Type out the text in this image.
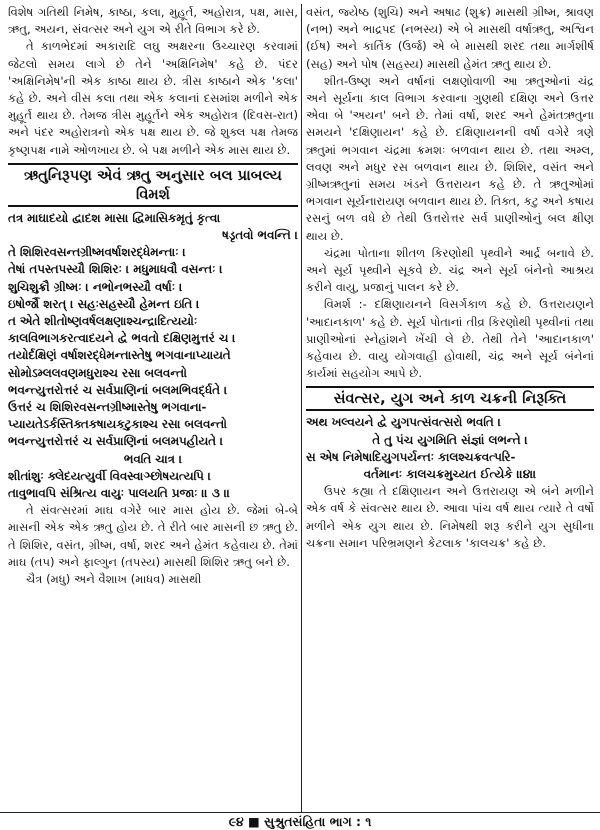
વિશેષ ગતિથી નિમેષ, કાષ્ઠા, કલા, મુહૂર્ત, અહોરાત્ર, પક્ષ, માસ, ઋતુ, અયન, સંવત્સર અને યુગ એ રીતે વિભાગ કરે છે.

તે કાળભેદમાં અકારાદિ લઘુ અક્ષરના ઉચ્ચારણ કરવામાં જેટલો સમય લાગે છે તેને 'અક્ષિનિમેષ' કહે છે. પંદર 'અક્ષિનિમેષ'ની એક કાષ્ઠા થાય છે. ત્રીસ કાષ્ઠાને એક 'કલા' કહે છે. અને વીસ કલા તથા એક કલાનાં દસમાંશ મળીને એક મુહૂર્ત થાય છે. તેમજ ત્રીસ મુહૂર્તને એક અહોરાત્ર (દિવસ-રાત) અને પંદર અહોરાત્રનો એક પક્ષ થાય છે. જે શુક્લ પક્ષ તેમજ કૃષ્ણપક્ષ નામે ઓળખાય છે. બે પક્ષ મળીને એક માસ થાય છે.

ઋતુનિરૂપણ એવં ઋતુ અનુસાર બલ પ્રાબલ્ય વિમર્શ
તત્ર માઘાદયો દ્વાદશ માસા દ્વિમાસિકમૃતું કૃત્વા
ષડૃતવો ભવન્તિ ।
તે શિશિરવસન્તગ્રીષ્મવર્ષાશરદ્ધેમન્તાઃ ।
તેષાં તપસ્તપસ્યૌ શિશિરઃ । મધુમાધવૌ વસન્તઃ ।
શુચિશુક્રૌ ગ્રીષ્મઃ । નભોનભસ્યૌ વર્ષાઃ ।
ઇષોર્જૌ શરત્ । સહઃસહસ્યૌ હેમન્ત ઇતિ ।
ત એતે શીતોષ્ણવર્ષલક્ષણાશ્ચન્દ્રાદિત્યયોઃ
કાલવિભાગકરત્વાદયને દ્વે ભવતો દક્ષિણમુત્તરં ચ ।
તયોર્દક્ષિણં વર્ષાશરદ્ધેમન્તાસ્તેષુ ભગવાનાપ્યાયતે
સોમોઽમ્લલવણમધુરાશ્ચ રસા બલવન્તો
ભવન્ત્યુત્તરોત્તરં ચ સર્વપ્રાણિનાં બલમભિવર્દ્ધતે ।
ઉત્તરં ચ શિશિરવસન્તગ્રીષ્માસ્તેષુ ભગવાના-
પ્યાયતેઽર્કસ્તિક્તકષાયકટુકાશ્ચ રસા બલવન્તો
ભવન્ત્યુત્તરોત્તરં ચ સર્વપ્રાણિનાં બલમપહીયતે ।
ભવતિ ચાત્ર ।
શીતાંશુઃ ક્લેદયત્યુર્વી વિવસ્વાઞ્છોષયત્યપિ ।
તાવુભાવપિ સંશ્રિત્ય વાયુઃ પાલયતિ પ્રજાઃ ॥ ૩ ॥

તે સંવત્સરમાં માઘ વગેરે બાર માસ હોય છે. જેમાં બે-બે માસની એક એક ઋતુ હોય છે. તે રીતે બાર માસની છ ઋતુ છે. તે શિશિર, વસંત, ગ્રીષ્મ, વર્ષા, શરદ અને હેમંત કહેવાય છે. તેમાં માઘ (તપ) અને ફાલ્ગુન (તપસ્ય) માસથી શિશિર ઋતુ બને છે.

ચૈત્ર (મધુ) અને વૈશાખ (માધવ) માસથી

વસંત, જ્યેષ્ઠ (શુચિ) અને અષાઢ (શુક્ર) માસથી ગ્રીષ્મ, શ્રાવણ (નભ) અને ભાદ્રપદ (નભસ્ય) એ બે માસથી વર્ષાઋતુ, અશ્વિન (ઈષ) અને કાર્તિક (ઉર્જ) એ બે માસથી શરદ તથા માર્ગશીર્ષ (સહ) અને પોષ (સહસ્ય) માસથી હેમંત ઋતુ થાય છે.

શીત-ઉષ્ણ અને વર્ષાનાં લક્ષણોવાળી આ ઋતુઓનાં ચંદ્ર અને સૂર્યના કાલ વિભાગ કરવાના ગુણથી દક્ષિણ અને ઉત્તર એવા બે 'અયન' બને છે. તેમાં વર્ષા, શરદ અને હેમંતઋતુના સમયને 'દક્ષિણાયન' કહે છે. દક્ષિણાયનની વર્ષા વગેરે ત્રણે ઋતુમાં ભગવાન ચંદ્રમા ક્રમશઃ બળવાન થાય છે. તથા અમ્લ, લવણ અને મધુર રસ બળવાન થાય છે. શિશિર, વસંત અને ગ્રીષ્મઋતુનાં સમય ખંડને ઉત્તરાયન કહે છે. તે ઋતુઓમાં ભગવાન સૂર્યનારાયણ બળવાન થાય છે. તિક્ત, કટુ અને કષાય રસનું બળ વધે છે તેથી ઉત્તરોત્તર સર્વ પ્રાણીઓનું બલ ક્ષીણ થાય છે.

ચંદ્રમા પોતાના શીતળ કિરણોથી પૃથ્વીને આર્દ્ર બનાવે છે. અને સૂર્ય પૃથ્વીને સૂકવે છે. ચંદ્ર અને સૂર્ય બંનેનો આશ્રય કરીને વાયુ, પ્રજાનું પાલન કરે છે.

વિમર્શ :- દક્ષિણાયનને વિસર્ગકાળ કહે છે. ઉત્તરાયણને 'આદાનકાળ' કહે છે. સૂર્ય પોતાનાં તીવ્ર કિરણોથી પૃથ્વીનાં તથા પ્રાણીઓનાં સ્નેહાંશને ખેંચી લે છે. તેથી તેને 'આદાનકાળ' કહેવાય છે. વાયુ યોગવાહી હોવાથી, ચંદ્ર અને સૂર્ય બંનેનાં કાર્યમાં સહયોગ આપે છે.

સંવત્સર, યુગ અને કાળ ચક્રની નિરૂક્તિ
અથ ખલ્વયને દ્વે યુગપત્સંવત્સરો ભવતિ ।
તે તુ પંચ યુગમિતિ સંજ્ઞાં લભન્તે ।
સ એષ નિમેષાદિયુગપર્યન્તઃ કાલશ્ચક્રવત્પરિ-
વર્તમાનઃ કાલચક્રમુચ્યત ઈત્યેકે ॥૪॥

ઉપર કહ્યા તે દક્ષિણાયન અને ઉત્તરાયણ એ બંને મળીને એક વર્ષ કે સંવત્સર થાય છે. આવા પાંચ વર્ષ થાય ત્યારે તે વર્ષો મળીને એક યુગ થાય છે. નિમેષથી શરૂ કરીને યુગ સુધીના ચક્રના સમાન પરિભ્રમણને કેટલાક 'કાલચક્ર' કહે છે.

૯૪ ■ સુશ્રુતસંહિતા ભાગ : ૧
